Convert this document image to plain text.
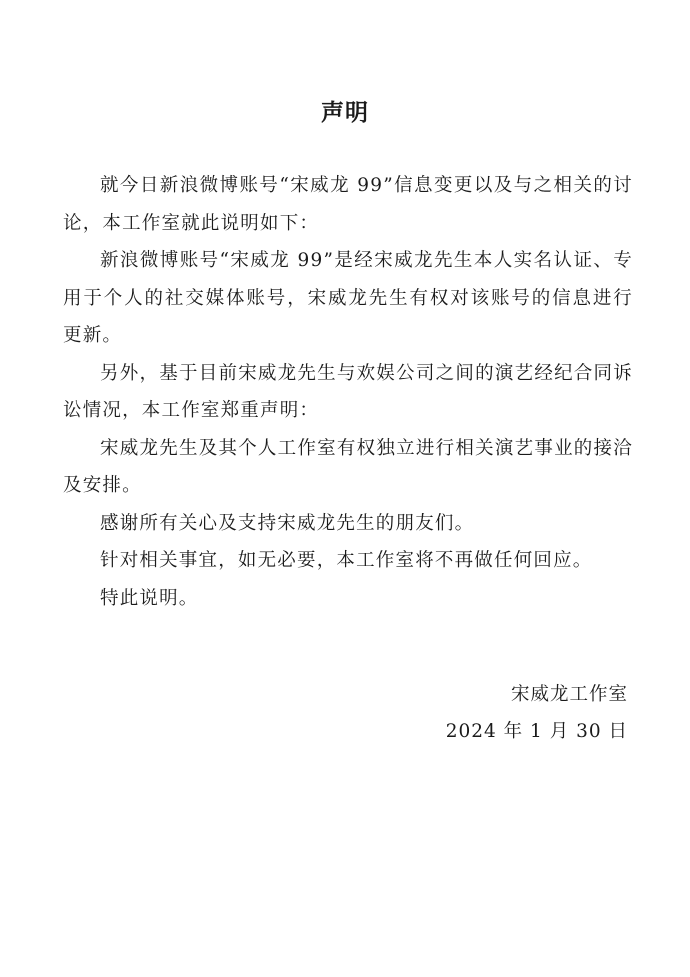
声明

就今日新浪微博账号“宋威龙 99”信息变更以及与之相关的讨论，本工作室就此说明如下：

新浪微博账号“宋威龙 99”是经宋威龙先生本人实名认证、专用于个人的社交媒体账号，宋威龙先生有权对该账号的信息进行更新。

另外，基于目前宋威龙先生与欢娱公司之间的演艺经纪合同诉讼情况，本工作室郑重声明：

宋威龙先生及其个人工作室有权独立进行相关演艺事业的接洽及安排。

感谢所有关心及支持宋威龙先生的朋友们。

针对相关事宜，如无必要，本工作室将不再做任何回应。

特此说明。

宋威龙工作室
2024 年 1 月 30 日
